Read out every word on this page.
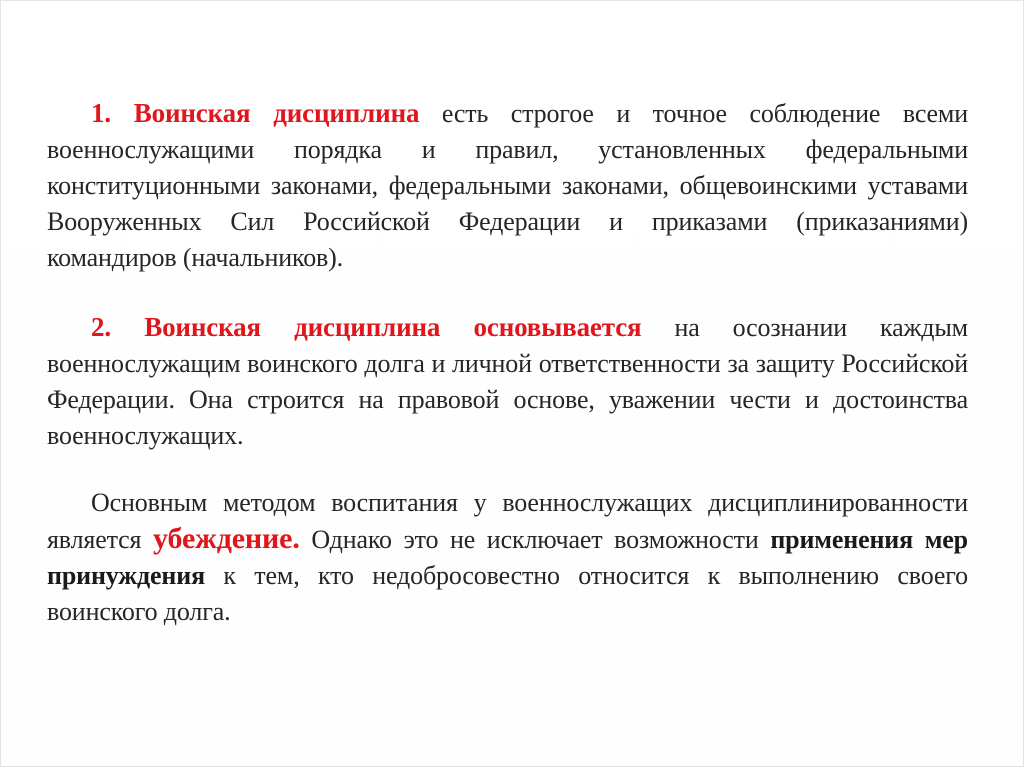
1. Воинская дисциплина есть строгое и точное соблюдение всеми военнослужащими порядка и правил, установленных федеральными конституционными законами, федеральными законами, общевоинскими уставами Вооруженных Сил Российской Федерации и приказами (приказаниями) командиров (начальников).

2. Воинская дисциплина основывается на осознании каждым военнослужащим воинского долга и личной ответственности за защиту Российской Федерации. Она строится на правовой основе, уважении чести и достоинства военнослужащих.

Основным методом воспитания у военнослужащих дисциплинированности является убеждение. Однако это не исключает возможности применения мер принуждения к тем, кто недобросовестно относится к выполнению своего воинского долга.
